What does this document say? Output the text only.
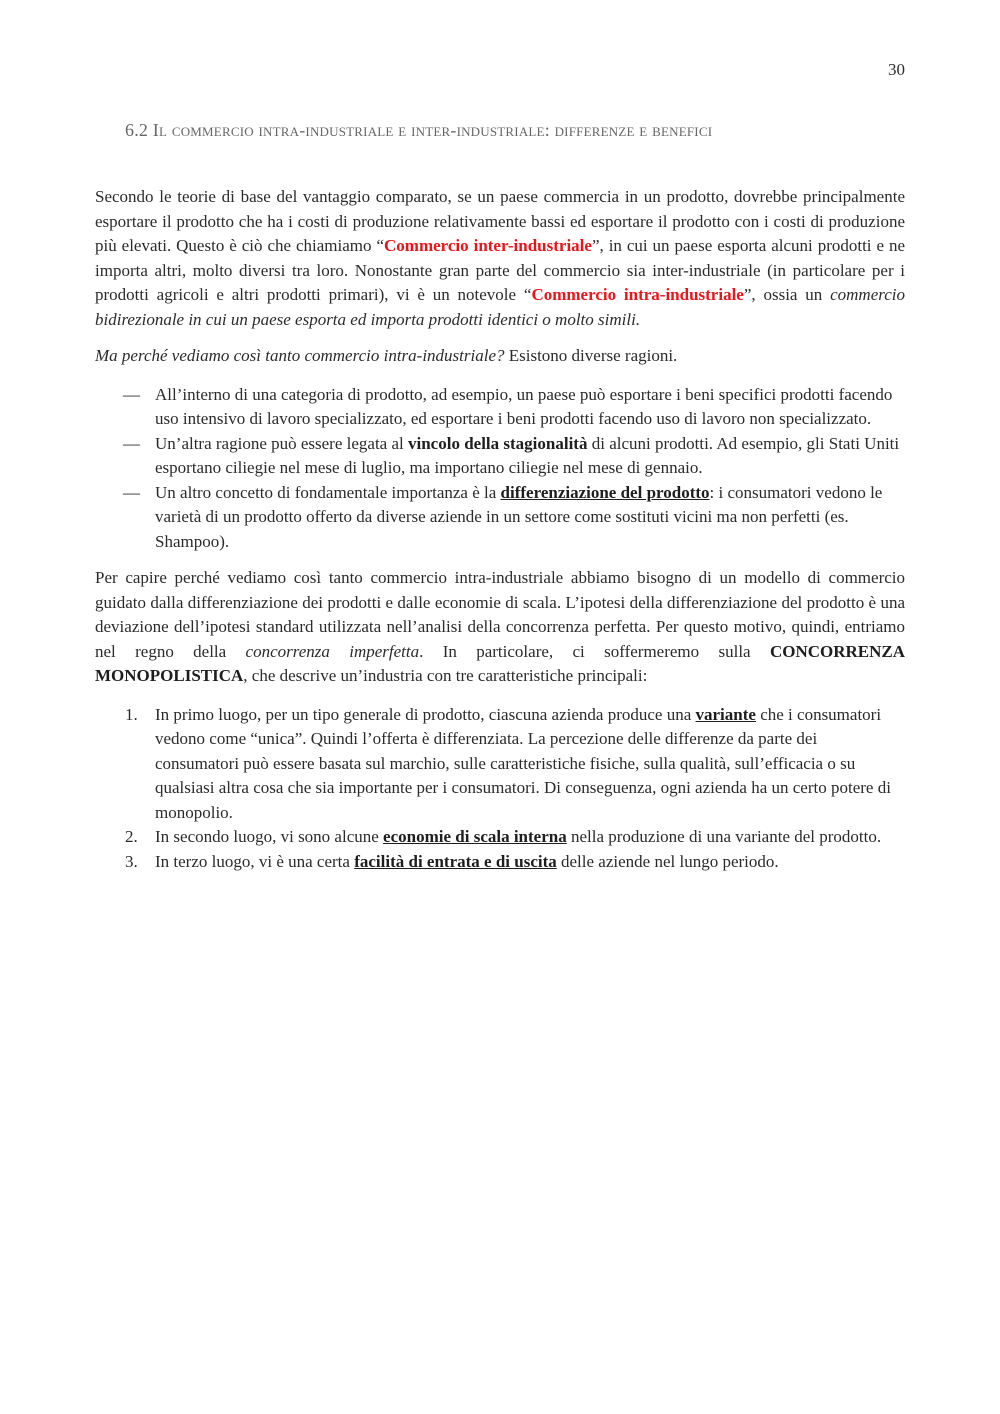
30
6.2 Il commercio intra-industriale e inter-industriale: differenze e benefici

Secondo le teorie di base del vantaggio comparato, se un paese commercia in un prodotto, dovrebbe principalmente esportare il prodotto che ha i costi di produzione relativamente bassi ed esportare il prodotto con i costi di produzione più elevati. Questo è ciò che chiamiamo “Commercio inter-industriale”, in cui un paese esporta alcuni prodotti e ne importa altri, molto diversi tra loro. Nonostante gran parte del commercio sia inter-industriale (in particolare per i prodotti agricoli e altri prodotti primari), vi è un notevole “Commercio intra-industriale”, ossia un commercio bidirezionale in cui un paese esporta ed importa prodotti identici o molto simili.

Ma perché vediamo così tanto commercio intra-industriale? Esistono diverse ragioni.

— All’interno di una categoria di prodotto, ad esempio, un paese può esportare i beni specifici prodotti facendo uso intensivo di lavoro specializzato, ed esportare i beni prodotti facendo uso di lavoro non specializzato.
— Un’altra ragione può essere legata al vincolo della stagionalità di alcuni prodotti. Ad esempio, gli Stati Uniti esportano ciliegie nel mese di luglio, ma importano ciliegie nel mese di gennaio.
— Un altro concetto di fondamentale importanza è la differenziazione del prodotto: i consumatori vedono le varietà di un prodotto offerto da diverse aziende in un settore come sostituti vicini ma non perfetti (es. Shampoo).

Per capire perché vediamo così tanto commercio intra-industriale abbiamo bisogno di un modello di commercio guidato dalla differenziazione dei prodotti e dalle economie di scala. L’ipotesi della differenziazione del prodotto è una deviazione dell’ipotesi standard utilizzata nell’analisi della concorrenza perfetta. Per questo motivo, quindi, entriamo nel regno della concorrenza imperfetta. In particolare, ci soffermeremo sulla CONCORRENZA MONOPOLISTICA, che descrive un’industria con tre caratteristiche principali:

1. In primo luogo, per un tipo generale di prodotto, ciascuna azienda produce una variante che i consumatori vedono come “unica”. Quindi l’offerta è differenziata. La percezione delle differenze da parte dei consumatori può essere basata sul marchio, sulle caratteristiche fisiche, sulla qualità, sull’efficacia o su qualsiasi altra cosa che sia importante per i consumatori. Di conseguenza, ogni azienda ha un certo potere di monopolio.
2. In secondo luogo, vi sono alcune economie di scala interna nella produzione di una variante del prodotto.
3. In terzo luogo, vi è una certa facilità di entrata e di uscita delle aziende nel lungo periodo.
